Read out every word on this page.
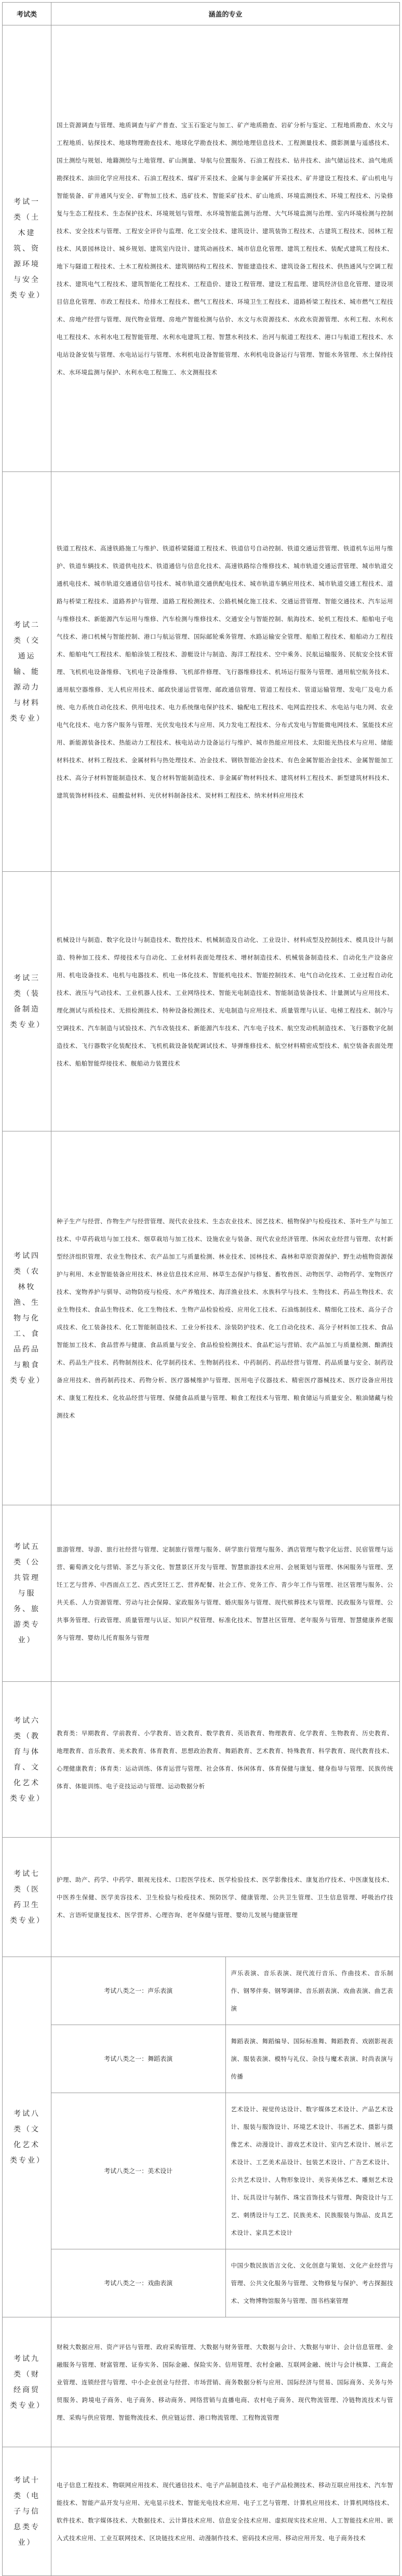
考试类	涵盖的专业	
考试一类（土木建筑、资源环境与安全类专业）	国土资源调查与管理、地质调查与矿产普查、宝玉石鉴定与加工、矿产地质勘查、岩矿分析与鉴定、工程地质勘查、水文与工程地质、钻探技术、地球物理勘查技术、地球化学勘查技术、测绘地理信息技术、工程测量技术、摄影测量与遥感技术、国土测绘与规划、地籍测绘与土地管理、矿山测量、导航与位置服务、石油工程技术、钻井技术、油气储运技术、油气地质勘探技术、油田化学应用技术、石油工程技术、煤矿开采技术、金属与非金属矿开采技术、矿井建设工程技术、矿山机电与智能装备、矿井通风与安全、矿物加工技术、选矿技术、智能采矿技术、矿山地质、环境监测技术、环境工程技术、污染修复与生态工程技术、生态保护技术、环境规划与管理、水环境智能监测与治理、大气环境监测与治理、室内环境检测与控制技术、安全技术与管理、工程安全评价与监理、化工安全技术、建筑设计、建筑装饰工程技术、古建筑工程技术、园林工程技术、风景园林设计、城乡规划、建筑室内设计、建筑动画技术、城市信息化管理、建筑工程技术、装配式建筑工程技术、地下与隧道工程技术、土木工程检测技术、建筑钢结构工程技术、智能建造技术、建筑设备工程技术、供热通风与空调工程技术、建筑电气工程技术、建筑智能化工程技术、工程造价、建设工程管理、建设工程监理、建筑经济信息化管理、建设项目信息化管理、市政工程技术、给排水工程技术、燃气工程技术、环境卫生工程技术、道路桥梁工程技术、城市燃气工程技术、房地产经营与管理、现代物业管理、房地产智能检测与估价、水文与水资源技术、水政水资源管理、水利工程、水利水电工程技术、水利水电工程智能管理、水利水电建筑工程、智慧水利技术、治河与航道工程技术、港口与航道工程技术、水电站设备安装与管理、水电站运行与管理、水利机电设备智能管理、水利机电设备运行与管理、智能水务管理、水土保持技术、水环境监测与保护、水利水电工程施工、水文测报技术	
考试二类（交通运输、能源动力与材料类专业）	铁道工程技术、高速铁路施工与维护、铁道桥梁隧道工程技术、铁道信号自动控制、铁道交通运营管理、铁道机车运用与维护、铁道车辆技术、铁道供电技术、铁道通信与信息化技术、高速铁路综合维修技术、城市轨道交通运营管理、城市轨道交通机电技术、城市轨道交通通信信号技术、城市轨道交通供配电技术、城市轨道车辆应用技术、城市轨道交通工程技术、道路与桥梁工程技术、道路养护与管理、道路工程检测技术、公路机械化施工技术、交通运营管理、智能交通技术、汽车运用与维修技术、新能源汽车运用与维修、汽车检测与维修技术、交通安全与智能控制、航海技术、轮机工程技术、船舶电子电气技术、港口机械与智能控制、港口与航运管理、国际邮轮乘务管理、水路运输安全管理、船舶工程技术、船舶动力工程技术、船舶电气工程技术、船舶涂装工程技术、游艇设计与制造、海洋工程技术、空中乘务、民航运输服务、民航安全技术管理、飞机机电设备维修、飞机电子设备维修、飞机部件修理、飞行器维修技术、机场运行服务与管理、通用航空航务技术、通用航空器维修、无人机应用技术、邮政快递运营管理、邮政通信管理、管道工程技术、管道运输管理、发电厂及电力系统、电力系统自动化技术、供用电技术、电力系统继电保护技术、输配电工程技术、电网监控技术、水电站与电力网、农业电气化技术、电力客户服务与管理、光伏发电技术与应用、风力发电工程技术、分布式发电与智能微电网技术、氢能技术应用、新能源装备技术、热能动力工程技术、核电站动力设备运行与维护、城市热能应用技术、太阳能光热技术与应用、储能材料技术、材料工程技术、金属材料与热处理技术、冶金技术、钢铁智能冶金技术、有色金属智能冶金技术、金属智能加工技术、高分子材料智能制造技术、复合材料智能制造技术、非金属矿物材料技术、建筑材料工程技术、新型建筑材料技术、建筑装饰材料技术、硅酸盐材料、光伏材料制备技术、炭材料工程技术、纳米材料应用技术	
考试三类（装备制造类专业）	机械设计与制造、数字化设计与制造技术、数控技术、机械制造及自动化、工业设计、材料成型及控制技术、模具设计与制造、特种加工技术、焊接技术与自动化、工业材料表面处理技术、增材制造技术、机械装备制造技术、自动化生产设备应用、机电设备技术、电机与电器技术、机电一体化技术、智能机电技术、智能控制技术、电气自动化技术、工业过程自动化技术、液压与气动技术、工业机器人技术、工业网络技术、智能光电制造技术、智能制造装备技术、计量测试与应用技术、理化测试与质检技术、无损检测技术、特种设备检测技术、光电制造与应用技术、质量管理与认证、电梯工程技术、制冷与空调技术、汽车制造与试验技术、汽车改装技术、新能源汽车技术、汽车电子技术、航空发动机制造技术、飞行器数字化制造技术、飞行器数字化装配技术、飞机机载设备装配调试技术、导弹维修技术、航空材料精密成型技术、航空装备表面处理技术、船舶智能焊接技术、舰船动力装置技术	
考试四类（农林牧渔、生物与化工、食品药品与粮食类专业）	种子生产与经营、作物生产与经营管理、现代农业技术、生态农业技术、园艺技术、植物保护与检疫技术、茶叶生产与加工技术、中草药栽培与加工技术、烟草栽培与加工技术、设施农业与装备、现代农业经济管理、休闲农业经营与管理、农村新型经济组织管理、农业生物技术、农产品加工与质量检测、林业技术、园林技术、森林和草原资源保护、野生动植物资源保护与利用、木业智能装备应用技术、林业信息技术应用、林草生态保护与修复、畜牧兽医、动物医学、动物药学、宠物医疗技术、宠物养护与驯导、动物防疫与检疫、水产养殖技术、海洋渔业技术、水族科学与技术、生物技术、药品生物技术、农业生物技术、食品生物技术、化工生物技术、生物产品检验检疫、应用化工技术、石油炼制技术、精细化工技术、高分子合成技术、化工装备技术、化工智能制造技术、工业分析技术、涂装防护技术、化工自动化技术、高分子材料加工技术、食品智能加工技术、食品营养与健康、食品质量与安全、食品检验检测技术、食品贮运与营销、农产品加工与质量检测、酿酒技术、药品生产技术、药物制剂技术、化学制药技术、生物制药技术、中药制药、药品经营与管理、药品质量与安全、制药设备应用技术、兽药制药技术、药物分析、医疗器械维护与管理、医用电子仪器技术、精密医疗器械技术、医疗设备应用技术、康复工程技术、化妆品经营与管理、保健食品质量与管理、粮食工程技术与管理、粮食储运与质量安全、粮油储藏与检测技术	
考试五类（公共管理与服务、旅游类专业）	旅游管理、导游、旅行社经营与管理、定制旅行管理与服务、研学旅行管理与服务、酒店管理与数字化运营、民宿管理与运营、葡萄酒文化与营销、茶艺与茶文化、智慧景区开发与管理、智慧旅游技术应用、会展策划与管理、休闲服务与管理、烹饪工艺与营养、中西面点工艺、西式烹饪工艺、营养配餐、社会工作、党务工作、青少年工作与管理、社区管理与服务、公共关系、人力资源管理、劳动与社会保障、家政服务与管理、婚庆服务与管理、现代殡葬技术与管理、民政服务与管理、公共事务管理、行政管理、质量管理与认证、知识产权管理、标准化技术、智慧社区管理、老年服务与管理、智慧健康养老服务与管理、婴幼儿托育服务与管理	
考试六类（教育与体育、文化艺术类专业）	教育类：早期教育、学前教育、小学教育、语文教育、数学教育、英语教育、物理教育、化学教育、生物教育、历史教育、地理教育、音乐教育、美术教育、体育教育、思想政治教育、舞蹈教育、艺术教育、特殊教育、科学教育、现代教育技术、心理健康教育；体育类：运动训练、体育运营与管理、社会体育、休闲体育、体育保健与康复、健身指导与管理、民族传统体育、体能训练、电子竞技运动与管理、运动数据分析	
考试七类（医药卫生类专业）	护理、助产、药学、中药学、眼视光技术、口腔医学技术、医学检验技术、医学影像技术、康复治疗技术、中医康复技术、中医养生保健、医学美容技术、卫生检验与检疫技术、预防医学、健康管理、公共卫生管理、卫生信息管理、呼吸治疗技术、言语听觉康复技术、医学营养、心理咨询、老年保健与管理、婴幼儿发展与健康管理	
考试八类（文化艺术类专业）	考试八类之一：声乐表演	声乐表演、音乐表演、现代流行音乐、作曲技术、音乐制作、钢琴伴奏、钢琴调律、音乐剧表演、戏曲表演、曲艺表演
	考试八类之一：舞蹈表演	舞蹈表演、舞蹈编导、国际标准舞、舞蹈教育、戏剧影视表演、服装表演、模特与礼仪、杂技与魔术表演、时尚表演与传播
	考试八类之一：美术设计	艺术设计、视觉传达设计、数字媒体艺术设计、产品艺术设计、服装与服饰设计、环境艺术设计、书画艺术、摄影与摄像艺术、动漫设计、游戏艺术设计、室内艺术设计、展示艺术设计、工艺美术品设计、包装艺术设计、广告艺术设计、公共艺术设计、人物形象设计、美容美体艺术、雕刻艺术设计、玩具设计与制作、珠宝首饰技术与管理、陶瓷设计与工艺、刺绣设计与工艺、民族美术、民族服装与饰品、皮具艺术设计、家具艺术设计
	考试八类之一：戏曲表演	中国少数民族语言文化、文化创意与策划、文化产业经营与管理、公共文化服务与管理、文物修复与保护、考古探掘技术、文物博物馆服务与管理、图书档案管理
考试九类（财经商贸类专业）	财税大数据应用、资产评估与管理、政府采购管理、大数据与财务管理、大数据与会计、大数据与审计、会计信息管理、金融服务与管理、财富管理、证券实务、国际金融、保险实务、信用管理、农村金融、互联网金融、统计与会计核算、工商企业管理、连锁经营与管理、中小企业创业与经营、市场营销、商务数据分析与应用、国际经济与贸易、国际商务、关务与外贸服务、跨境电子商务、电子商务、移动商务、网络营销与直播电商、农村电子商务、现代物流管理、冷链物流技术与管理、采购与供应管理、智能物流技术、供应链运营、港口物流管理、工程物流管理	
考试十类（电子与信息类专业）	电子信息工程技术、物联网应用技术、现代通信技术、电子产品制造技术、电子产品检测技术、移动互联应用技术、汽车智能技术、智能产品开发与应用、光电显示技术、智能光电技术应用、电子工艺与管理、计算机应用技术、计算机网络技术、软件技术、数字媒体技术、大数据技术、云计算技术应用、信息安全技术应用、虚拟现实技术应用、人工智能技术应用、嵌入式技术应用、工业互联网技术、区块链技术应用、动漫制作技术、密码技术应用、移动应用开发、电子商务技术	
